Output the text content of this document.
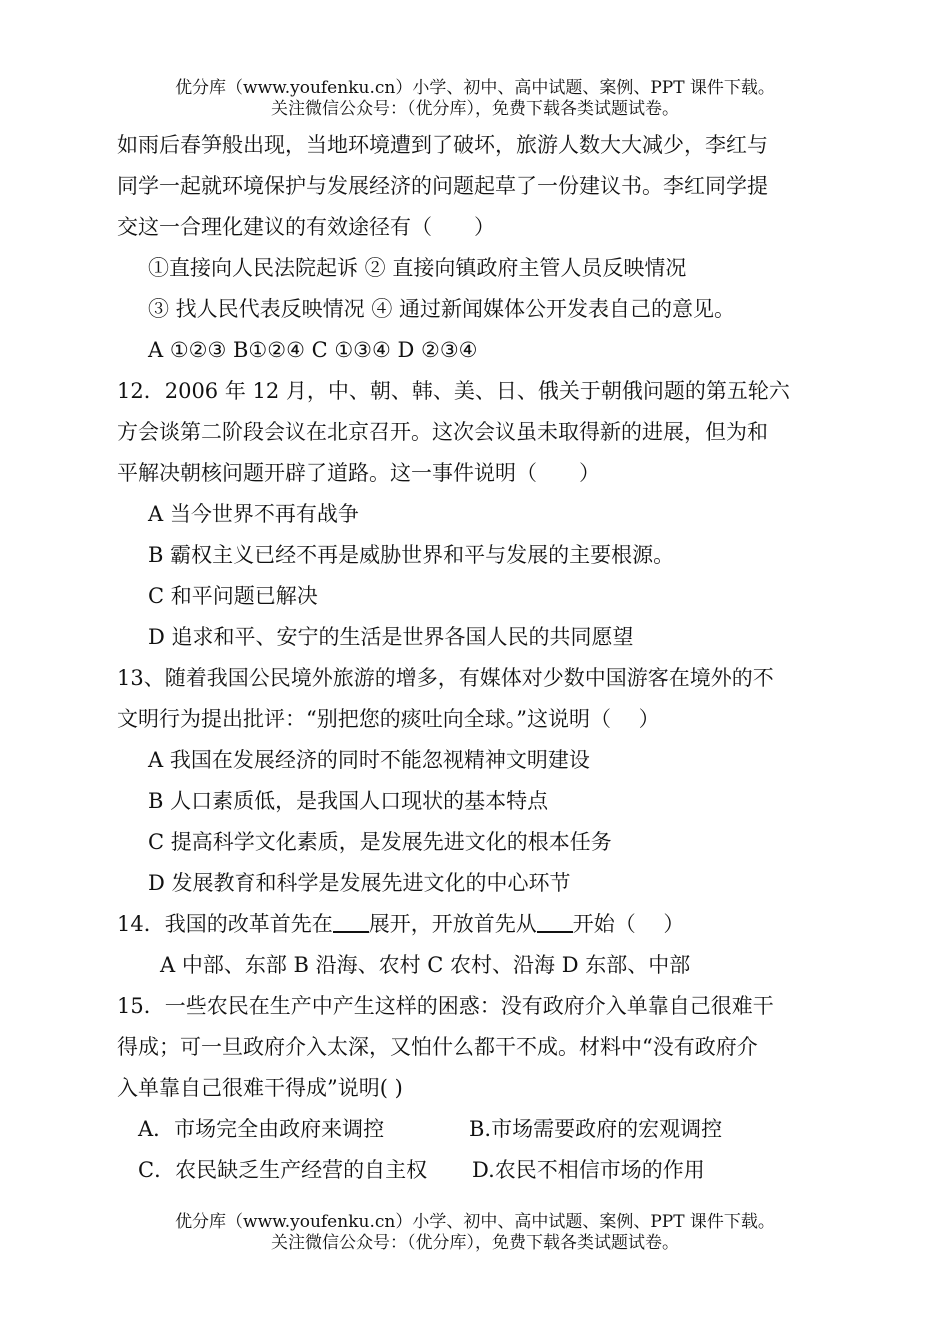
优分库（www.youfenku.cn）小学、初中、高中试题、案例、PPT 课件下载。
关注微信公众号：（优分库），免费下载各类试题试卷。
如雨后春笋般出现，当地环境遭到了破坏，旅游人数大大减少，李红与
同学一起就环境保护与发展经济的问题起草了一份建议书。李红同学提
交这一合理化建议的有效途径有（　　）
①直接向人民法院起诉 ② 直接向镇政府主管人员反映情况
③ 找人民代表反映情况 ④ 通过新闻媒体公开发表自己的意见。
A ①②③ B①②④ C ①③④ D ②③④
12．2006 年 12 月，中、朝、韩、美、日、俄关于朝俄问题的第五轮六
方会谈第二阶段会议在北京召开。这次会议虽未取得新的进展，但为和
平解决朝核问题开辟了道路。这一事件说明（　　）
A 当今世界不再有战争
B 霸权主义已经不再是威胁世界和平与发展的主要根源。
C 和平问题已解决
D 追求和平、安宁的生活是世界各国人民的共同愿望
13、随着我国公民境外旅游的增多，有媒体对少数中国游客在境外的不
文明行为提出批评：“别把您的痰吐向全球。”这说明（　 ）
A 我国在发展经济的同时不能忽视精神文明建设
B 人口素质低，是我国人口现状的基本特点
C 提高科学文化素质，是发展先进文化的根本任务
D 发展教育和科学是发展先进文化的中心环节
14．我国的改革首先在 展开，开放首先从 开始（　 ）
A 中部、东部 B 沿海、农村 C 农村、沿海 D 东部、中部
15．一些农民在生产中产生这样的困惑：没有政府介入单靠自己很难干
得成；可一旦政府介入太深，又怕什么都干不成。材料中“没有政府介
入单靠自己很难干得成”说明( )
A．市场完全由政府来调控	B.市场需要政府的宏观调控
C．农民缺乏生产经营的自主权 D.农民不相信市场的作用
优分库（www.youfenku.cn）小学、初中、高中试题、案例、PPT 课件下载。
关注微信公众号：（优分库），免费下载各类试题试卷。
